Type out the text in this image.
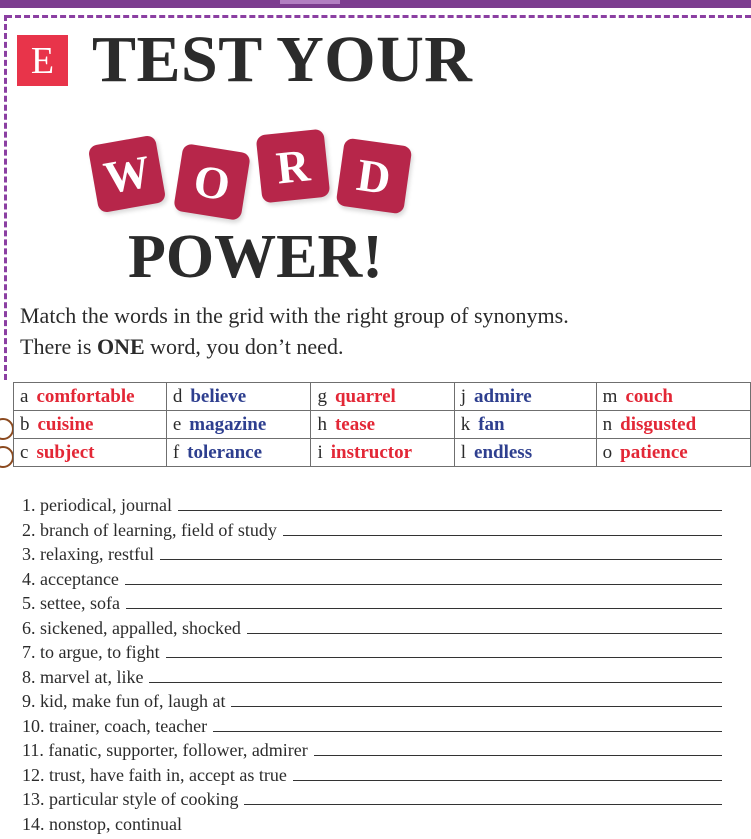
E TEST YOUR
W O R D
POWER!
Match the words in the grid with the right group of synonyms.
There is ONE word, you don’t need.
a comfortable	d believe	g quarrel	j admire	m couch
b cuisine	e magazine	h tease	k fan	n disgusted
c subject	f tolerance	i instructor	l endless	o patience
1. periodical, journal
2. branch of learning, field of study
3. relaxing, restful
4. acceptance
5. settee, sofa
6. sickened, appalled, shocked
7. to argue, to fight
8. marvel at, like
9. kid, make fun of, laugh at
10. trainer, coach, teacher
11. fanatic, supporter, follower, admirer
12. trust, have faith in, accept as true
13. particular style of cooking
14. nonstop, continual
